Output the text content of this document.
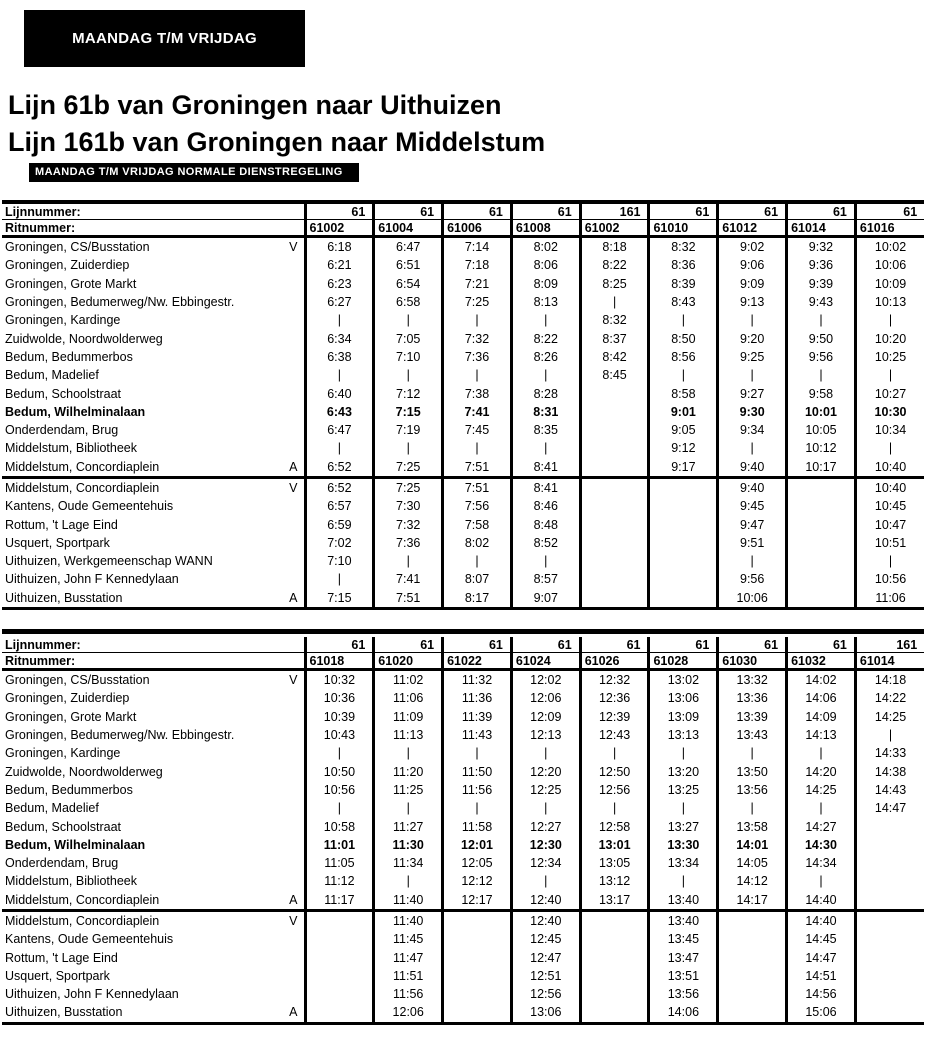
MAANDAG T/M VRIJDAG
Lijn 61b van Groningen naar Uithuizen
Lijn 161b van Groningen naar Middelstum
MAANDAG T/M VRIJDAG NORMALE DIENSTREGELING
Lijnnummer:	61	61	61	61	161	61	61	61	61
Ritnummer:	61002	61004	61006	61008	61002	61010	61012	61014	61016
Groningen, CS/Busstation V	6:18	6:47	7:14	8:02	8:18	8:32	9:02	9:32	10:02
Groningen, Zuiderdiep	6:21	6:51	7:18	8:06	8:22	8:36	9:06	9:36	10:06
Groningen, Grote Markt	6:23	6:54	7:21	8:09	8:25	8:39	9:09	9:39	10:09
Groningen, Bedumerweg/Nw. Ebbingestr.	6:27	6:58	7:25	8:13	|	8:43	9:13	9:43	10:13
Groningen, Kardinge	|	|	|	|	8:32	|	|	|	|
Zuidwolde, Noordwolderweg	6:34	7:05	7:32	8:22	8:37	8:50	9:20	9:50	10:20
Bedum, Bedummerbos	6:38	7:10	7:36	8:26	8:42	8:56	9:25	9:56	10:25
Bedum, Madelief	|	|	|	|	8:45	|	|	|	|
Bedum, Schoolstraat	6:40	7:12	7:38	8:28		8:58	9:27	9:58	10:27
Bedum, Wilhelminalaan	6:43	7:15	7:41	8:31		9:01	9:30	10:01	10:30
Onderdendam, Brug	6:47	7:19	7:45	8:35		9:05	9:34	10:05	10:34
Middelstum, Bibliotheek	|	|	|	|		9:12	|	10:12	|
Middelstum, Concordiaplein A	6:52	7:25	7:51	8:41		9:17	9:40	10:17	10:40
Middelstum, Concordiaplein V	6:52	7:25	7:51	8:41			9:40		10:40
Kantens, Oude Gemeentehuis	6:57	7:30	7:56	8:46			9:45		10:45
Rottum, 't Lage Eind	6:59	7:32	7:58	8:48			9:47		10:47
Usquert, Sportpark	7:02	7:36	8:02	8:52			9:51		10:51
Uithuizen, Werkgemeenschap WANN	7:10	|	|	|			|		|
Uithuizen, John F Kennedylaan	|	7:41	8:07	8:57			9:56		10:56
Uithuizen, Busstation A	7:15	7:51	8:17	9:07			10:06		11:06
Lijnnummer:	61	61	61	61	61	61	61	61	161
Ritnummer:	61018	61020	61022	61024	61026	61028	61030	61032	61014
Groningen, CS/Busstation V	10:32	11:02	11:32	12:02	12:32	13:02	13:32	14:02	14:18
Groningen, Zuiderdiep	10:36	11:06	11:36	12:06	12:36	13:06	13:36	14:06	14:22
Groningen, Grote Markt	10:39	11:09	11:39	12:09	12:39	13:09	13:39	14:09	14:25
Groningen, Bedumerweg/Nw. Ebbingestr.	10:43	11:13	11:43	12:13	12:43	13:13	13:43	14:13	|
Groningen, Kardinge	|	|	|	|	|	|	|	|	14:33
Zuidwolde, Noordwolderweg	10:50	11:20	11:50	12:20	12:50	13:20	13:50	14:20	14:38
Bedum, Bedummerbos	10:56	11:25	11:56	12:25	12:56	13:25	13:56	14:25	14:43
Bedum, Madelief	|	|	|	|	|	|	|	|	14:47
Bedum, Schoolstraat	10:58	11:27	11:58	12:27	12:58	13:27	13:58	14:27	
Bedum, Wilhelminalaan	11:01	11:30	12:01	12:30	13:01	13:30	14:01	14:30	
Onderdendam, Brug	11:05	11:34	12:05	12:34	13:05	13:34	14:05	14:34	
Middelstum, Bibliotheek	11:12	|	12:12	|	13:12	|	14:12	|	
Middelstum, Concordiaplein A	11:17	11:40	12:17	12:40	13:17	13:40	14:17	14:40	
Middelstum, Concordiaplein V		11:40		12:40		13:40		14:40	
Kantens, Oude Gemeentehuis		11:45		12:45		13:45		14:45	
Rottum, 't Lage Eind		11:47		12:47		13:47		14:47	
Usquert, Sportpark		11:51		12:51		13:51		14:51	
Uithuizen, John F Kennedylaan		11:56		12:56		13:56		14:56	
Uithuizen, Busstation A		12:06		13:06		14:06		15:06	
